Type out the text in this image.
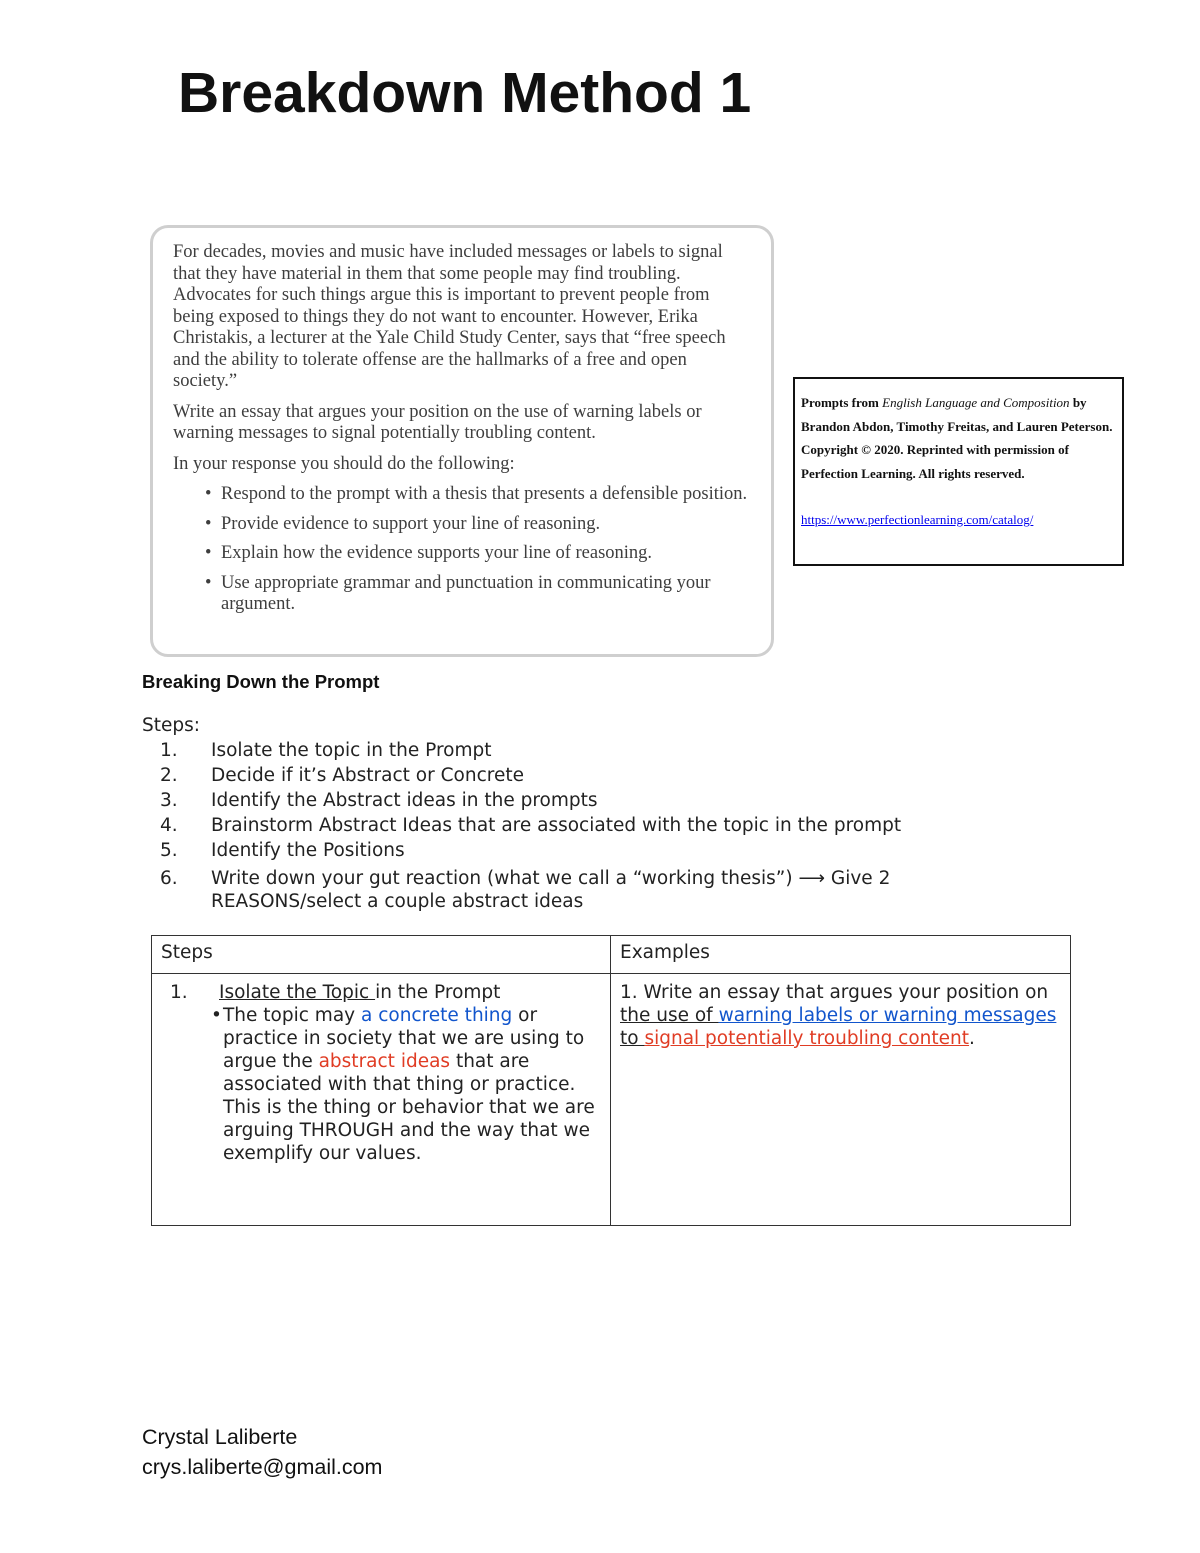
Breakdown Method 1

For decades, movies and music have included messages or labels to signal that they have material in them that some people may find troubling. Advocates for such things argue this is important to prevent people from being exposed to things they do not want to encounter. However, Erika Christakis, a lecturer at the Yale Child Study Center, says that “free speech and the ability to tolerate offense are the hallmarks of a free and open society.”

Write an essay that argues your position on the use of warning labels or warning messages to signal potentially troubling content.

In your response you should do the following:

• Respond to the prompt with a thesis that presents a defensible position.
• Provide evidence to support your line of reasoning.
• Explain how the evidence supports your line of reasoning.
• Use appropriate grammar and punctuation in communicating your argument.
Prompts from English Language and Composition by Brandon Abdon, Timothy Freitas, and Lauren Peterson. Copyright © 2020. Reprinted with permission of Perfection Learning. All rights reserved.
https://www.perfectionlearning.com/catalog/
Breaking Down the Prompt
Steps:
1. Isolate the topic in the Prompt
2. Decide if it’s Abstract or Concrete
3. Identify the Abstract ideas in the prompts
4. Brainstorm Abstract Ideas that are associated with the topic in the prompt
5. Identify the Positions
6. Write down your gut reaction (what we call a “working thesis”) ⟶ Give 2 REASONS/select a couple abstract ideas
Steps	Examples

1. Isolate the Topic in the Prompt
• The topic may a concrete thing or practice in society that we are using to argue the abstract ideas that are associated with that thing or practice. This is the thing or behavior that we are arguing THROUGH and the way that we exemplify our values.	1. Write an essay that argues your position on the use of warning labels or warning messages to signal potentially troubling content.
Crystal Laliberte
crys.laliberte@gmail.com
